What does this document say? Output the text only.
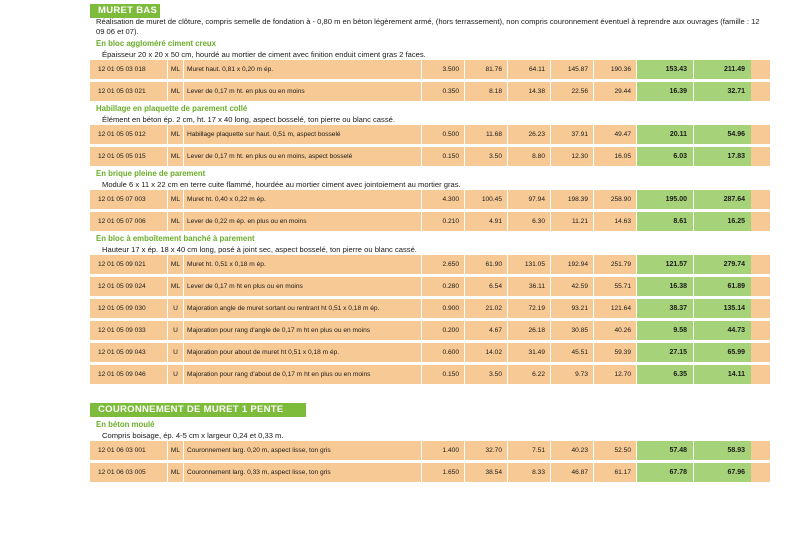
MURET BAS
Réalisation de muret de clôture, compris semelle de fondation à - 0,80 m en béton légèrement armé, (hors terrassement), non compris couronnement éventuel à reprendre aux ouvrages (famille : 12 09 06 et 07).
En bloc aggloméré ciment creux
Épaisseur 20 x 20 x 50 cm, hourdé au mortier de ciment avec finition enduit ciment gras 2 faces.
12 01 05 03 018	ML	Muret haut. 0,81 x 0,20 m ép.	3.500	81.76	64.11	145.87	190.36	153.43	211.49
12 01 05 03 021	ML	Lever de 0,17 m ht. en plus ou en moins	0.350	8.18	14.38	22.56	29.44	16.39	32.71
Habillage en plaquette de parement collé
Élément en béton ép. 2 cm, ht. 17 x 40 long, aspect bosselé, ton pierre ou blanc cassé.
12 01 05 05 012	ML	Habillage plaquette sur haut. 0,51 m, aspect bosselé	0.500	11.68	26.23	37.91	49.47	20.11	54.96
12 01 05 05 015	ML	Lever de 0,17 m ht. en plus ou en moins, aspect bosselé	0.150	3.50	8.80	12.30	16.05	6.03	17.83
En brique pleine de parement
Module 6 x 11 x 22 cm en terre cuite flammé, hourdée au mortier ciment avec jointoiement au mortier gras.
12 01 05 07 003	ML	Muret ht. 0,40 x 0,22 m ép.	4.300	100.45	97.94	198.39	258.90	195.00	287.64
12 01 05 07 006	ML	Lever de 0,22 m ép. en plus ou en moins	0.210	4.91	6.30	11.21	14.63	8.61	16.25
En bloc à emboîtement banché à parement
Hauteur 17 x ép. 18 x 40 cm long, posé à joint sec, aspect bosselé, ton pierre ou blanc cassé.
12 01 05 09 021	ML	Muret ht. 0,51 x 0,18 m ép.	2.650	61.90	131.05	192.94	251.79	121.57	279.74
12 01 05 09 024	ML	Lever de 0,17 m ht en plus ou en moins	0.280	6.54	36.11	42.59	55.71	16.38	61.89
12 01 05 09 030	U	Majoration angle de muret sortant ou rentrant ht 0,51 x 0,18 m ép.	0.900	21.02	72.19	93.21	121.64	38.37	135.14
12 01 05 09 033	U	Majoration pour rang d'angle de 0,17 m ht en plus ou en moins	0.200	4.67	26.18	30.85	40.26	9.58	44.73
12 01 05 09 043	U	Majoration pour about de muret ht 0,51 x 0,18 m ép.	0.600	14.02	31.49	45.51	59.39	27.15	65.99
12 01 05 09 046	U	Majoration pour rang d'about de 0,17 m ht en plus ou en moins	0.150	3.50	6.22	9.73	12.70	6.35	14.11
COURONNEMENT DE MURET 1 PENTE
En béton moulé
Compris boisage, ép. 4-5 cm x largeur 0,24 et 0,33 m.
12 01 06 03 001	ML	Couronnement larg. 0,20 m, aspect lisse, ton gris	1.400	32.70	7.51	40.23	52.50	57.48	58.93
12 01 06 03 005	ML	Couronnement larg. 0,33 m, aspect lisse, ton gris	1.650	38.54	8.33	46.87	61.17	67.78	67.96
